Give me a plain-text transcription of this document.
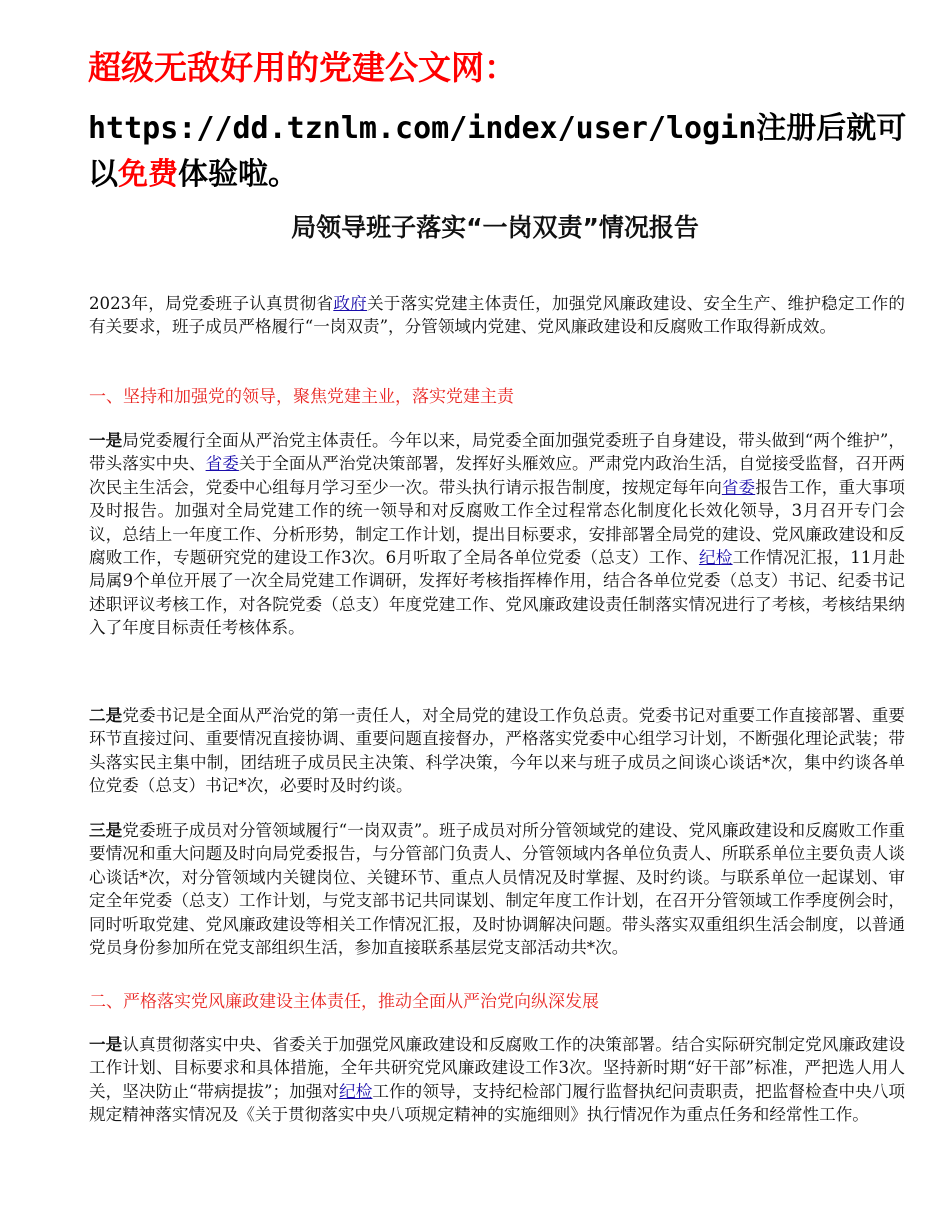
超级无敌好用的党建公文网：
https://dd.tznlm.com/index/user/login注册后就可以免费体验啦。
局领导班子落实“一岗双责”情况报告

2023年，局党委班子认真贯彻省政府关于落实党建主体责任，加强党风廉政建设、安全生产、维护稳定工作的有关要求，班子成员严格履行“一岗双责”，分管领域内党建、党风廉政建设和反腐败工作取得新成效。

一、坚持和加强党的领导，聚焦党建主业，落实党建主责

一是局党委履行全面从严治党主体责任。今年以来，局党委全面加强党委班子自身建设，带头做到“两个维护”，带头落实中央、省委关于全面从严治党决策部署，发挥好头雁效应。严肃党内政治生活，自觉接受监督，召开两次民主生活会，党委中心组每月学习至少一次。带头执行请示报告制度，按规定每年向省委报告工作，重大事项及时报告。加强对全局党建工作的统一领导和对反腐败工作全过程常态化制度化长效化领导，3月召开专门会议，总结上一年度工作、分析形势，制定工作计划，提出目标要求，安排部署全局党的建设、党风廉政建设和反腐败工作，专题研究党的建设工作3次。6月听取了全局各单位党委（总支）工作、纪检工作情况汇报，11月赴局属9个单位开展了一次全局党建工作调研，发挥好考核指挥棒作用，结合各单位党委（总支）书记、纪委书记述职评议考核工作，对各院党委（总支）年度党建工作、党风廉政建设责任制落实情况进行了考核，考核结果纳入了年度目标责任考核体系。

二是党委书记是全面从严治党的第一责任人，对全局党的建设工作负总责。党委书记对重要工作直接部署、重要环节直接过问、重要情况直接协调、重要问题直接督办，严格落实党委中心组学习计划，不断强化理论武装；带头落实民主集中制，团结班子成员民主决策、科学决策，今年以来与班子成员之间谈心谈话*次，集中约谈各单位党委（总支）书记*次，必要时及时约谈。

三是党委班子成员对分管领域履行“一岗双责”。班子成员对所分管领域党的建设、党风廉政建设和反腐败工作重要情况和重大问题及时向局党委报告，与分管部门负责人、分管领域内各单位负责人、所联系单位主要负责人谈心谈话*次，对分管领域内关键岗位、关键环节、重点人员情况及时掌握、及时约谈。与联系单位一起谋划、审定全年党委（总支）工作计划，与党支部书记共同谋划、制定年度工作计划，在召开分管领域工作季度例会时，同时听取党建、党风廉政建设等相关工作情况汇报，及时协调解决问题。带头落实双重组织生活会制度，以普通党员身份参加所在党支部组织生活，参加直接联系基层党支部活动共*次。

二、严格落实党风廉政建设主体责任，推动全面从严治党向纵深发展

一是认真贯彻落实中央、省委关于加强党风廉政建设和反腐败工作的决策部署。结合实际研究制定党风廉政建设工作计划、目标要求和具体措施，全年共研究党风廉政建设工作3次。坚持新时期“好干部”标准，严把选人用人关，坚决防止“带病提拔”；加强对纪检工作的领导，支持纪检部门履行监督执纪问责职责，把监督检查中央八项规定精神落实情况及《关于贯彻落实中央八项规定精神的实施细则》执行情况作为重点任务和经常性工作。
